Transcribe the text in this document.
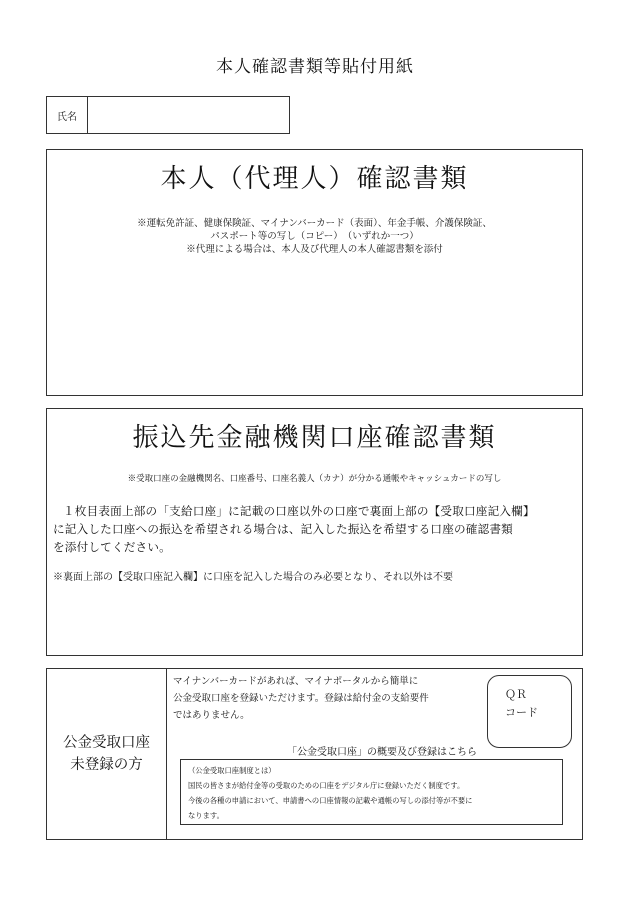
本人確認書類等貼付用紙
氏名
本人（代理人）確認書類
※運転免許証、健康保険証、マイナンバーカード（表面）、年金手帳、介護保険証、
パスポート等の写し（コピー）　（いずれか一つ）
※代理による場合は、本人及び代理人の本人確認書類を添付
振込先金融機関口座確認書類
※受取口座の金融機関名、口座番号、口座名義人（カナ）が分かる通帳やキャッシュカードの写し
１枚目表面上部の「支給口座」に記載の口座以外の口座で裏面上部の【受取口座記入欄】
に記入した口座への振込を希望される場合は、記入した振込を希望する口座の確認書類
を添付してください。
※裏面上部の【受取口座記入欄】に口座を記入した場合のみ必要となり、それ以外は不要
公金受取口座
未登録の方
マイナンバーカードがあれば、マイナポータルから簡単に
公金受取口座を登録いただけます。登録は給付金の支給要件
ではありません。
ＱＲ
コード
「公金受取口座」の概要及び登録はこちら
（公金受取口座制度とは）
国民の皆さまが給付金等の受取のための口座をデジタル庁に登録いただく制度です。
今後の各種の申請において、申請書への口座情報の記載や通帳の写しの添付等が不要に
なります。
